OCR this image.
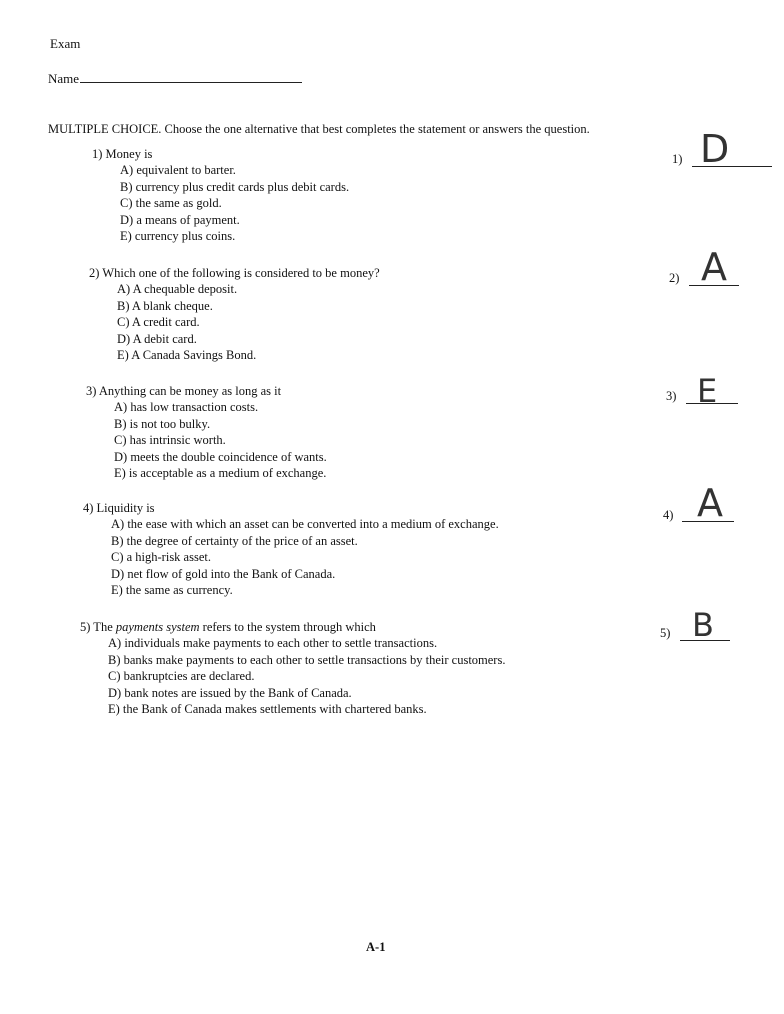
Exam
Name
MULTIPLE CHOICE. Choose the one alternative that best completes the statement or answers the question.
1) Money is
A) equivalent to barter.
B) currency plus credit cards plus debit cards.
C) the same as gold.
D) a means of payment.
E) currency plus coins.
2) Which one of the following is considered to be money?
A) A chequable deposit.
B) A blank cheque.
C) A credit card.
D) A debit card.
E) A Canada Savings Bond.
3) Anything can be money as long as it
A) has low transaction costs.
B) is not too bulky.
C) has intrinsic worth.
D) meets the double coincidence of wants.
E) is acceptable as a medium of exchange.
4) Liquidity is
A) the ease with which an asset can be converted into a medium of exchange.
B) the degree of certainty of the price of an asset.
C) a high-risk asset.
D) net flow of gold into the Bank of Canada.
E) the same as currency.
5) The payments system refers to the system through which
A) individuals make payments to each other to settle transactions.
B) banks make payments to each other to settle transactions by their customers.
C) bankruptcies are declared.
D) bank notes are issued by the Bank of Canada.
E) the Bank of Canada makes settlements with chartered banks.
1) D
2) A
3) E
4) A
5) B
A-1
